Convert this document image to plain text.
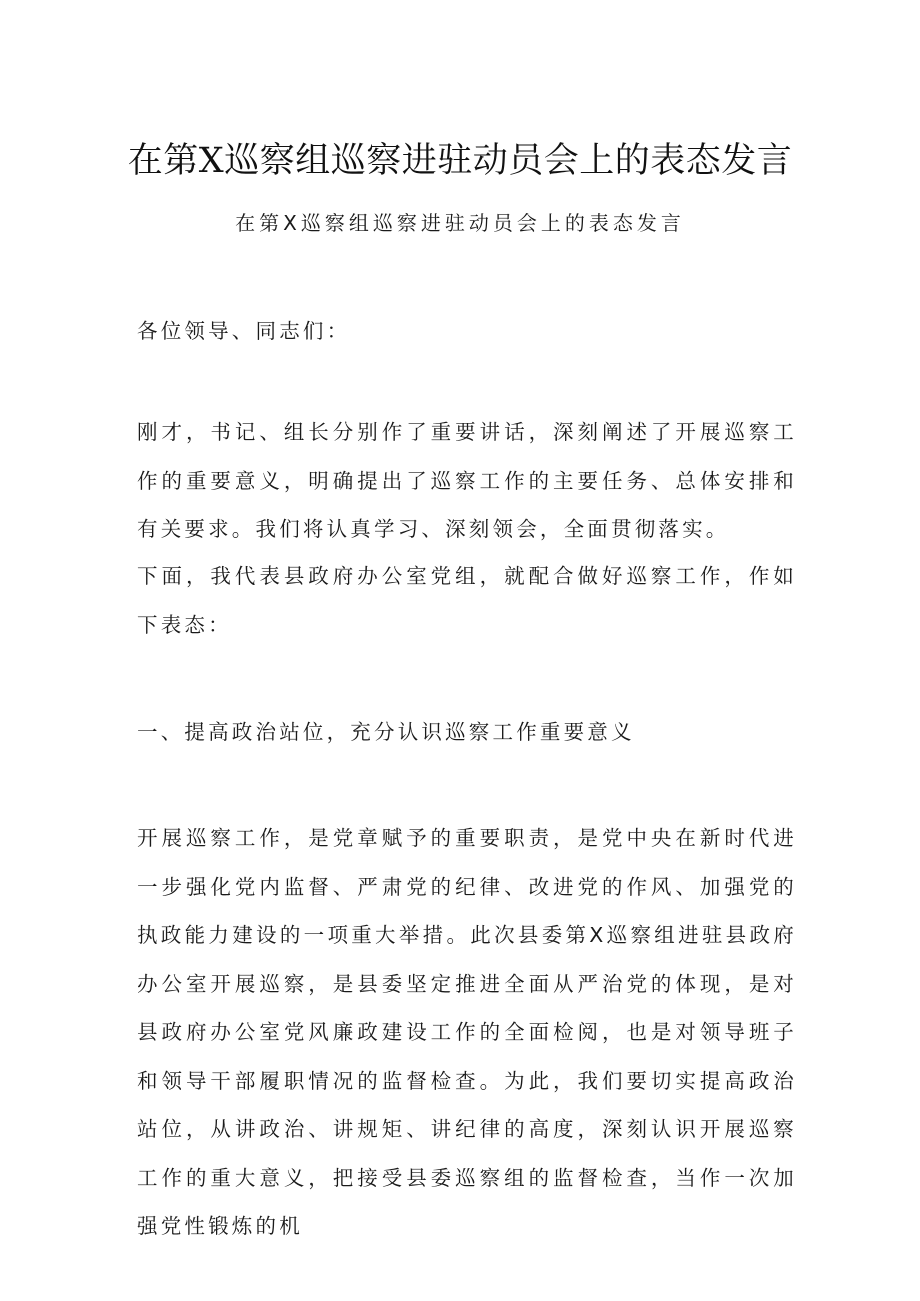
在第X巡察组巡察进驻动员会上的表态发言
在第X巡察组巡察进驻动员会上的表态发言

各位领导、同志们：

刚才，书记、组长分别作了重要讲话，深刻阐述了开展巡察工作的重要意义，明确提出了巡察工作的主要任务、总体安排和有关要求。我们将认真学习、深刻领会，全面贯彻落实。

下面，我代表县政府办公室党组，就配合做好巡察工作，作如下表态：

一、提高政治站位，充分认识巡察工作重要意义

开展巡察工作，是党章赋予的重要职责，是党中央在新时代进一步强化党内监督、严肃党的纪律、改进党的作风、加强党的执政能力建设的一项重大举措。此次县委第X巡察组进驻县政府办公室开展巡察，是县委坚定推进全面从严治党的体现，是对县政府办公室党风廉政建设工作的全面检阅，也是对领导班子和领导干部履职情况的监督检查。为此，我们要切实提高政治站位，从讲政治、讲规矩、讲纪律的高度，深刻认识开展巡察工作的重大意义，把接受县委巡察组的监督检查，当作一次加强党性锻炼的机
